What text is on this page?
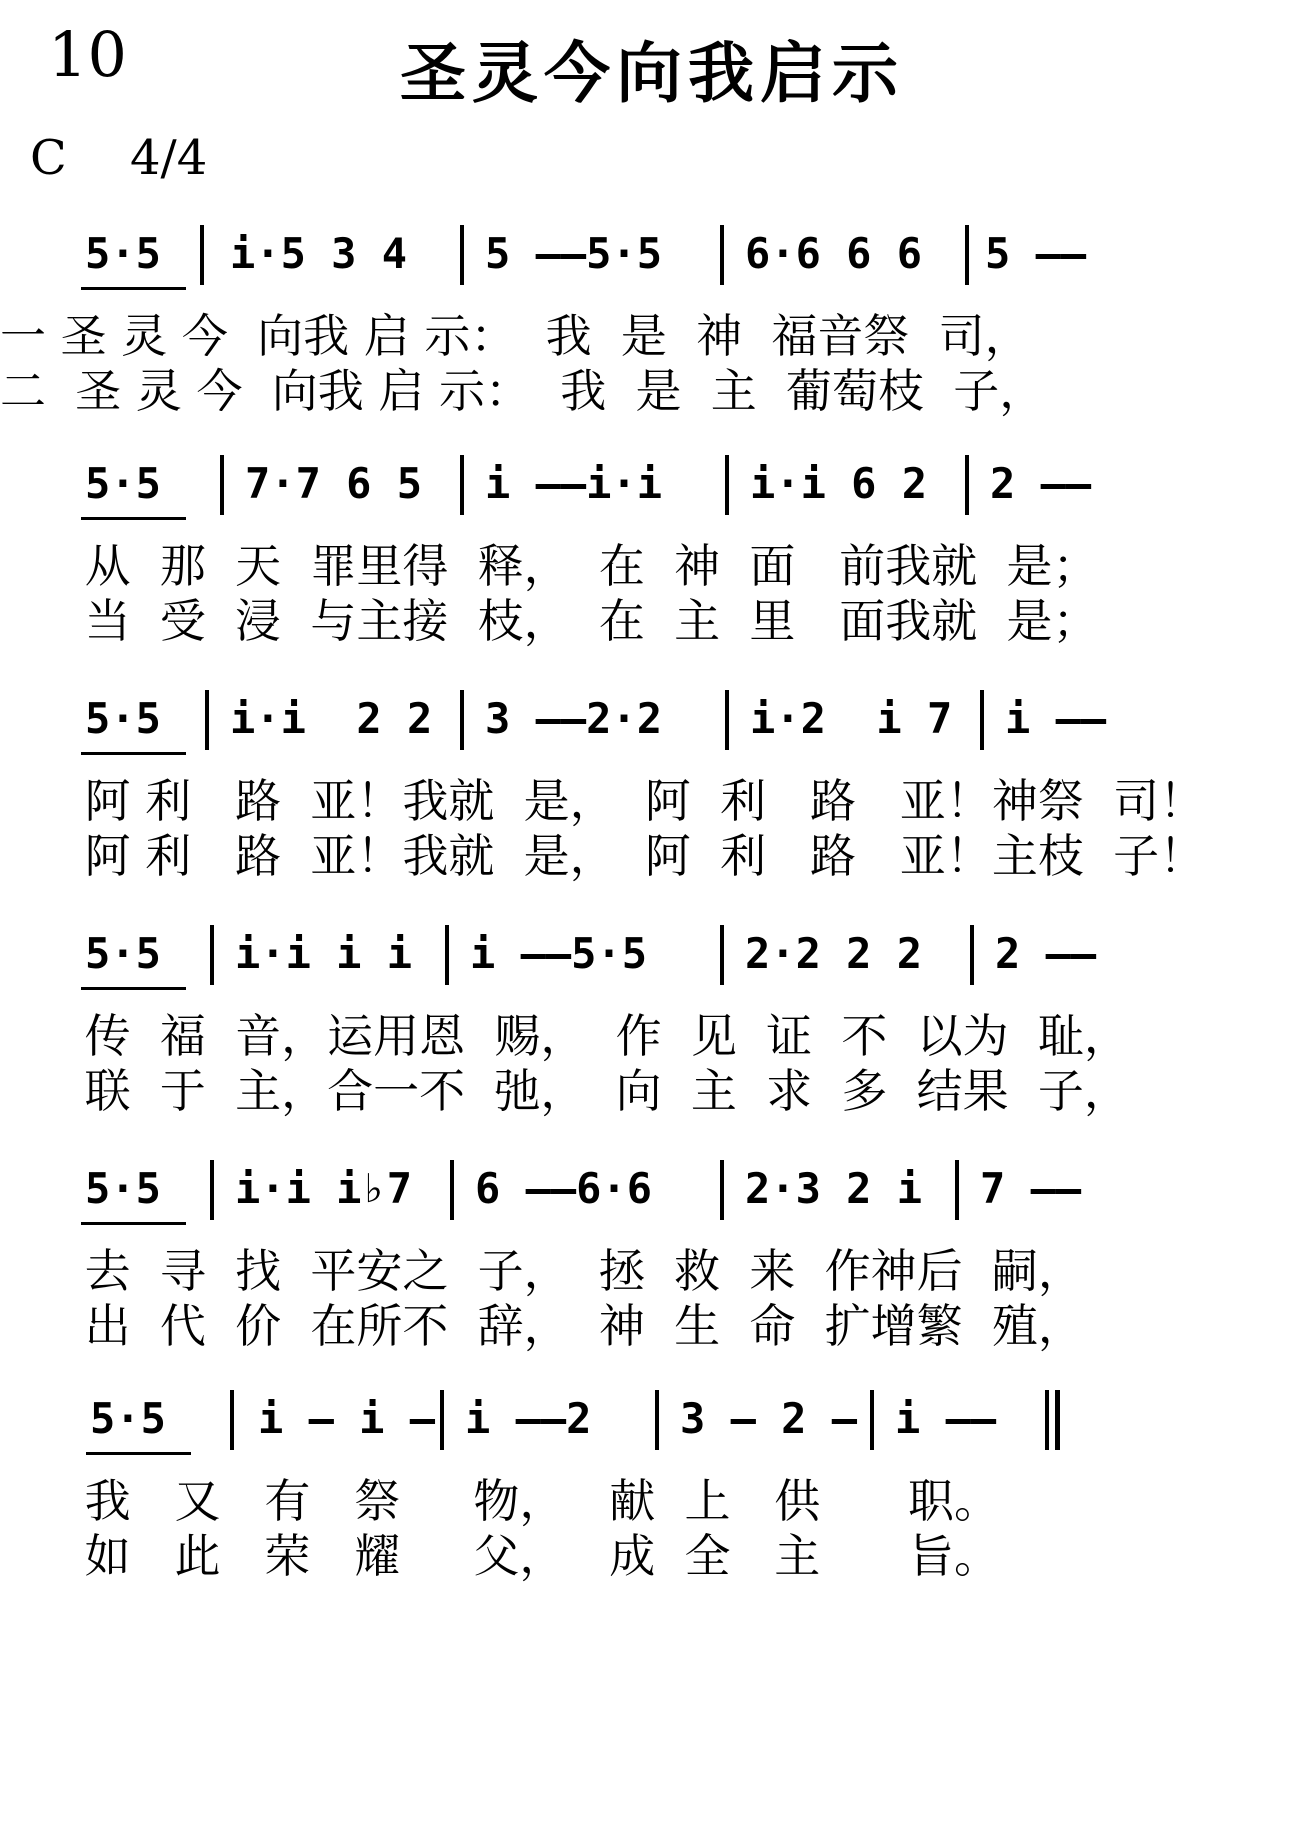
10	圣灵今向我启示
C 4/4
5·5 i·5 3 4 5 ——5·5 6·6 6 6 5 ——
一 圣 灵 今  向我 启 示：  我  是  神  福音祭  司，
二  圣 灵 今  向我 启 示：  我  是  主  葡萄枝  子，
5·5 7·7 6 5 i ——i·i i·i 6 2 2 ——
从  那  天  罪里得  释，  在  神  面   前我就  是；
当  受  浸  与主接  枝，  在  主  里   面我就  是；
5·5 i·i  2 2 3 ——2·2 i·2  i 7 i ——
阿 利   路  亚！我就  是，  阿  利   路   亚！神祭  司！
阿 利   路  亚！我就  是，  阿  利   路   亚！主枝  子！
5·5 i·i i i i ——5·5 2·2 2 2 2 ——
传  福  音，运用恩  赐，  作  见  证  不  以为  耻，
联  于  主，合一不  弛，  向  主  求  多  结果  子，
5·5 i·i i♭7 6 ——6·6 2·3 2 i 7 ——
去  寻  找  平安之  子，  拯  救  来  作神后  嗣，
出  代  价  在所不  辞，  神  生  命  扩增繁  殖，
5·5 i – i – i ——2 3 – 2 – i ——
我   又   有   祭     物，   献  上   供      职。
如   此   荣   耀     父，   成  全   主      旨。
